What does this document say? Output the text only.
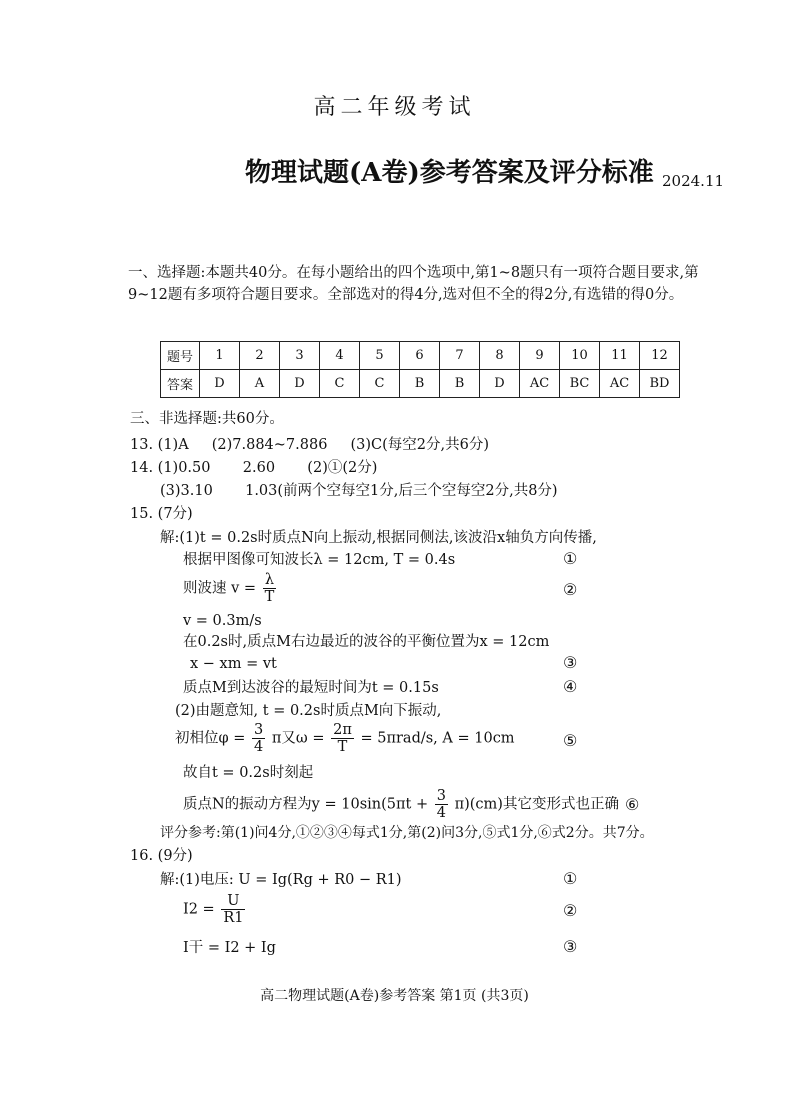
高二年级考试
物理试题(A卷)参考答案及评分标准 2024.11
一、选择题:本题共40分。在每小题给出的四个选项中,第1~8题只有一项符合题目要求,第9~12题有多项符合题目要求。全部选对的得4分,选对但不全的得2分,有选错的得0分。
题号	1	2	3	4	5	6	7	8	9	10	11	12
答案	D	A	D	C	C	B	B	D	AC	BC	AC	BD
三、非选择题:共60分。
13. (1)A     (2)7.884~7.886     (3)C(每空2分,共6分)
14. (1)0.50       2.60       (2)①(2分)
(3)3.10       1.03(前两个空每空1分,后三个空每空2分,共8分)
15. (7分)
解:(1)t = 0.2s时质点N向上振动,根据同侧法,该波沿x轴负方向传播,
根据甲图像可知波长λ = 12cm, T = 0.4s
则波速 $v = \frac{\lambda}{T}$
v = 0.3m/s
在0.2s时,质点M右边最近的波谷的平衡位置为x = 12cm
x − xm = vt
质点M到达波谷的最短时间为t = 0.15s
(2)由题意知, t = 0.2s时质点M向下振动,
初相位$\varphi = \frac{3}{4}$ π又$\omega = \frac{2\pi}{T} = 5\pi rad/s$, A = 10cm
故自t = 0.2s时刻起
质点N的振动方程为$y = 10\sin(5\pi t + \frac{3}{4} \pi)(cm)$其它变形式也正确
评分参考:第(1)问4分,①②③④每式1分,第(2)问3分,⑤式1分,⑥式2分。共7分。
16. (9分)
解:(1)电压: U = Ig(Rg + R0 − R1)
$I2 = \frac{U}{R1}$
I干 = I2 + Ig
①
②
③
④
⑤
⑥
①
②
③
高二物理试题(A卷)参考答案 第1页 (共3页)
